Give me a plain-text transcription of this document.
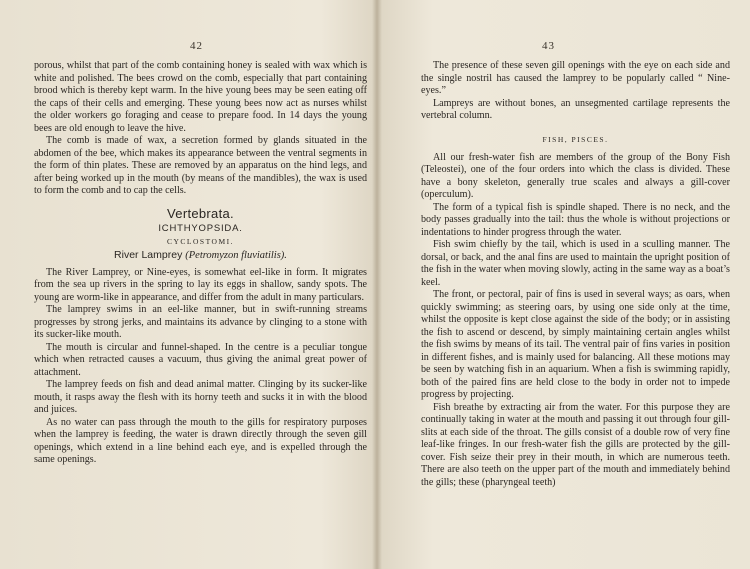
42

porous, whilst that part of the comb containing honey is sealed with wax which is white and polished. The bees crowd on the comb, especially that part containing brood which is thereby kept warm. In the hive young bees may be seen eating off the caps of their cells and emerging. These young bees now act as nurses whilst the older workers go foraging and cease to prepare food. In 14 days the young bees are old enough to leave the hive.

The comb is made of wax, a secretion formed by glands situated in the abdomen of the bee, which makes its appearance between the ventral segments in the form of thin plates. These are removed by an apparatus on the hind legs, and after being worked up in the mouth (by means of the mandibles), the wax is used to form the comb and to cap the cells.

Vertebrata.
ICHTHYOPSIDA.
CYCLOSTOMI.
River Lamprey (Petromyzon fluviatilis).

The River Lamprey, or Nine-eyes, is somewhat eel-like in form. It migrates from the sea up rivers in the spring to lay its eggs in shallow, sandy spots. The young are worm-like in appearance, and differ from the adult in many particulars.

The lamprey swims in an eel-like manner, but in swift-running streams progresses by strong jerks, and maintains its advance by clinging to a stone with its sucker-like mouth.

The mouth is circular and funnel-shaped. In the centre is a peculiar tongue which when retracted causes a vacuum, thus giving the animal great power of attachment.

The lamprey feeds on fish and dead animal matter. Clinging by its sucker-like mouth, it rasps away the flesh with its horny teeth and sucks it in with the blood and juices.

As no water can pass through the mouth to the gills for respiratory purposes when the lamprey is feeding, the water is drawn directly through the seven gill openings, which extend in a line behind each eye, and is expelled through the same openings.

43

The presence of these seven gill openings with the eye on each side and the single nostril has caused the lamprey to be popularly called “ Nine-eyes.”

Lampreys are without bones, an unsegmented cartilage represents the vertebral column.

FISH, PISCES.

All our fresh-water fish are members of the group of the Bony Fish (Teleostei), one of the four orders into which the class is divided. These have a bony skeleton, generally true scales and always a gill-cover (operculum).

The form of a typical fish is spindle shaped. There is no neck, and the body passes gradually into the tail: thus the whole is without projections or indentations to hinder progress through the water.

Fish swim chiefly by the tail, which is used in a sculling manner. The dorsal, or back, and the anal fins are used to maintain the upright position of the fish in the water when moving slowly, acting in the same way as a boat’s keel.

The front, or pectoral, pair of fins is used in several ways; as oars, when quickly swimming; as steering oars, by using one side only at the time, whilst the opposite is kept close against the side of the body; or in assisting the fish to ascend or descend, by simply maintaining certain angles whilst the fish swims by means of its tail. The ventral pair of fins varies in position in different fishes, and is mainly used for balancing. All these motions may be seen by watching fish in an aquarium. When a fish is swimming rapidly, both of the paired fins are held close to the body in order not to impede progress by projecting.

Fish breathe by extracting air from the water. For this purpose they are continually taking in water at the mouth and passing it out through four gill-slits at each side of the throat. The gills consist of a double row of very fine leaf-like fringes. In our fresh-water fish the gills are protected by the gill-cover. Fish seize their prey in their mouth, in which are numerous teeth. There are also teeth on the upper part of the mouth and immediately behind the gills; these (pharyngeal teeth)
